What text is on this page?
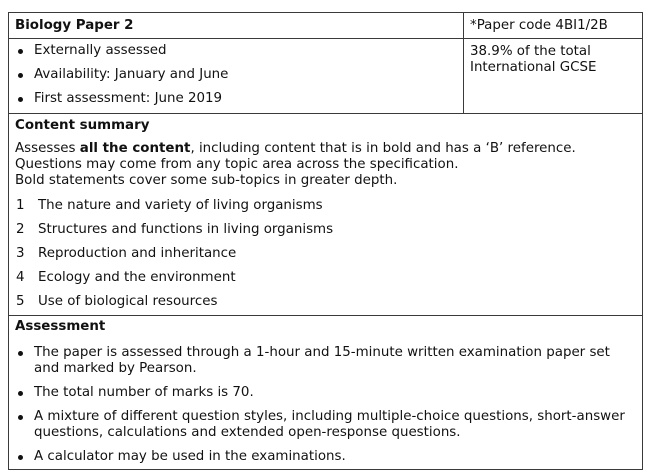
Biology Paper 2	*Paper code 4BI1/2B
Externally assessed
Availability: January and June
First assessment: June 2019
38.9% of the total
International GCSE
Content summary
Assesses all the content, including content that is in bold and has a ‘B’ reference.
Questions may come from any topic area across the specification.
Bold statements cover some sub-topics in greater depth.
1 The nature and variety of living organisms
2 Structures and functions in living organisms
3 Reproduction and inheritance
4 Ecology and the environment
5 Use of biological resources
Assessment
The paper is assessed through a 1-hour and 15-minute written examination paper set
and marked by Pearson.
The total number of marks is 70.
A mixture of different question styles, including multiple-choice questions, short-answer
questions, calculations and extended open-response questions.
A calculator may be used in the examinations.
